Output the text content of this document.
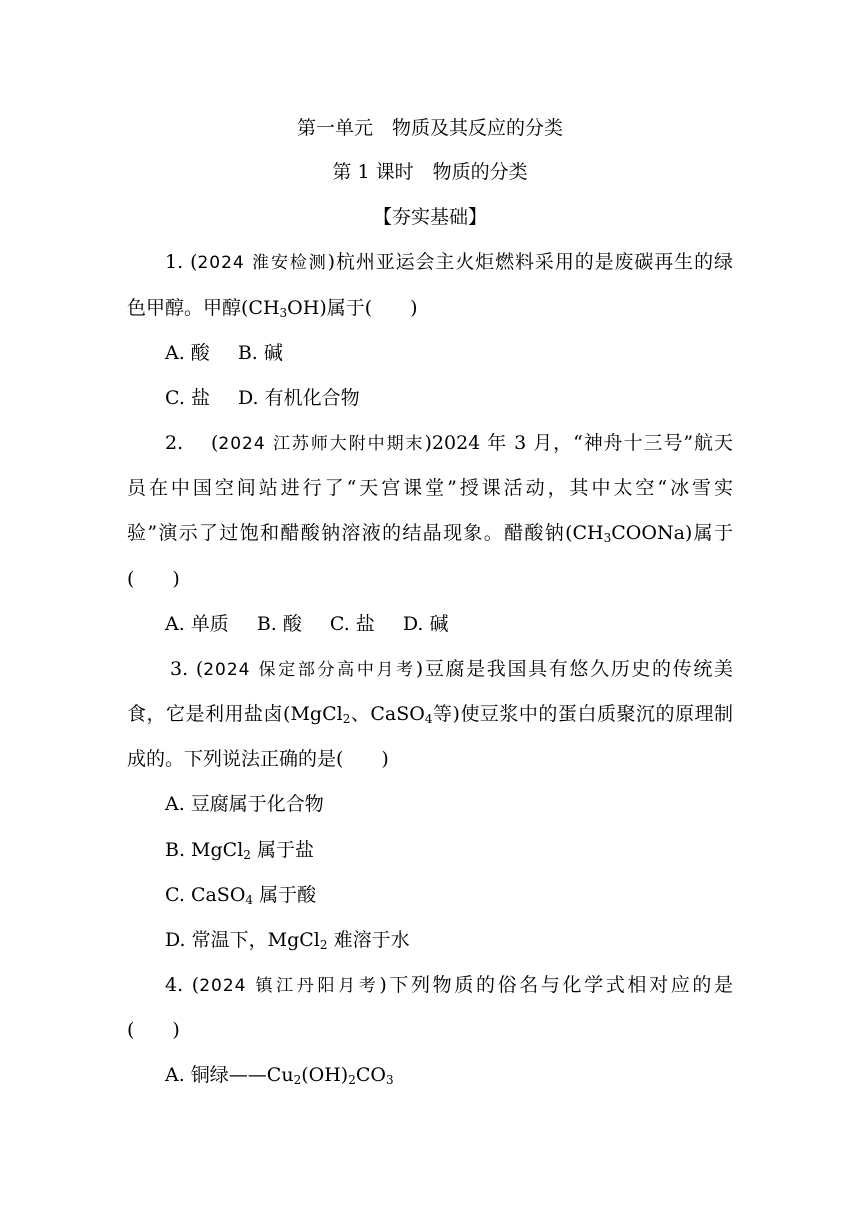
第一单元　物质及其反应的分类
第 1 课时　物质的分类
【夯实基础】
1. (2024 淮安检测)杭州亚运会主火炬燃料采用的是废碳再生的绿
色甲醇。甲醇$(CH_3OH)$属于(　　)
A. 酸 B. 碱
C. 盐 D. 有机化合物
2.　 (2024 江苏师大附中期末)2024 年 3 月，“神舟十三号”航天
员在中国空间站进行了“天宫课堂”授课活动，其中太空“冰雪实
验”演示了过饱和醋酸钠溶液的结晶现象。醋酸钠$(CH_3COONa)$属于
(　　)
A. 单质 B. 酸 C. 盐 D. 碱
3. (2024 保定部分高中月考)豆腐是我国具有悠久历史的传统美
食，它是利用盐卤(MgCl$_2$、CaSO$_4$等)使豆浆中的蛋白质聚沉的原理制
成的。下列说法正确的是(　　)
A. 豆腐属于化合物
B. MgCl$_2$ 属于盐
C. CaSO$_4$ 属于酸
D. 常温下，MgCl$_2$ 难溶于水
4. (2024 镇江丹阳月考)下列物质的俗名与化学式相对应的是
(　　)
A. 铜绿$——Cu_2(OH)_2CO_3$
